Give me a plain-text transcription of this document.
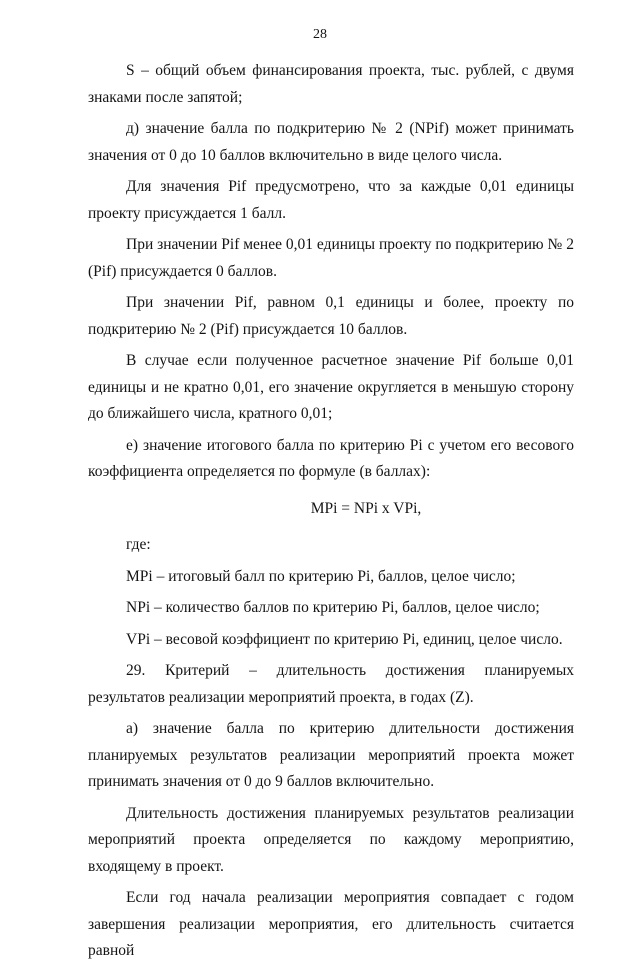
28

S – общий объем финансирования проекта, тыс. рублей, с двумя знаками после запятой;

д) значение балла по подкритерию № 2 (NPif) может принимать значения от 0 до 10 баллов включительно в виде целого числа.

Для значения Pif предусмотрено, что за каждые 0,01 единицы проекту присуждается 1 балл.

При значении Pif менее 0,01 единицы проекту по подкритерию № 2 (Pif) присуждается 0 баллов.

При значении Pif, равном 0,1 единицы и более, проекту по подкритерию № 2 (Pif) присуждается 10 баллов.

В случае если полученное расчетное значение Pif больше 0,01 единицы и не кратно 0,01, его значение округляется в меньшую сторону до ближайшего числа, кратного 0,01;

е) значение итогового балла по критерию Pi с учетом его весового коэффициента определяется по формуле (в баллах):

MPi = NPi x VPi,

где:

MPi – итоговый балл по критерию Pi, баллов, целое число;

NPi – количество баллов по критерию Pi, баллов, целое число;

VPi – весовой коэффициент по критерию Pi, единиц, целое число.

29. Критерий – длительность достижения планируемых результатов реализации мероприятий проекта, в годах (Z).

а) значение балла по критерию длительности достижения планируемых результатов реализации мероприятий проекта может принимать значения от 0 до 9 баллов включительно.

Длительность достижения планируемых результатов реализации мероприятий проекта определяется по каждому мероприятию, входящему в проект.

Если год начала реализации мероприятия совпадает с годом завершения реализации мероприятия, его длительность считается равной
